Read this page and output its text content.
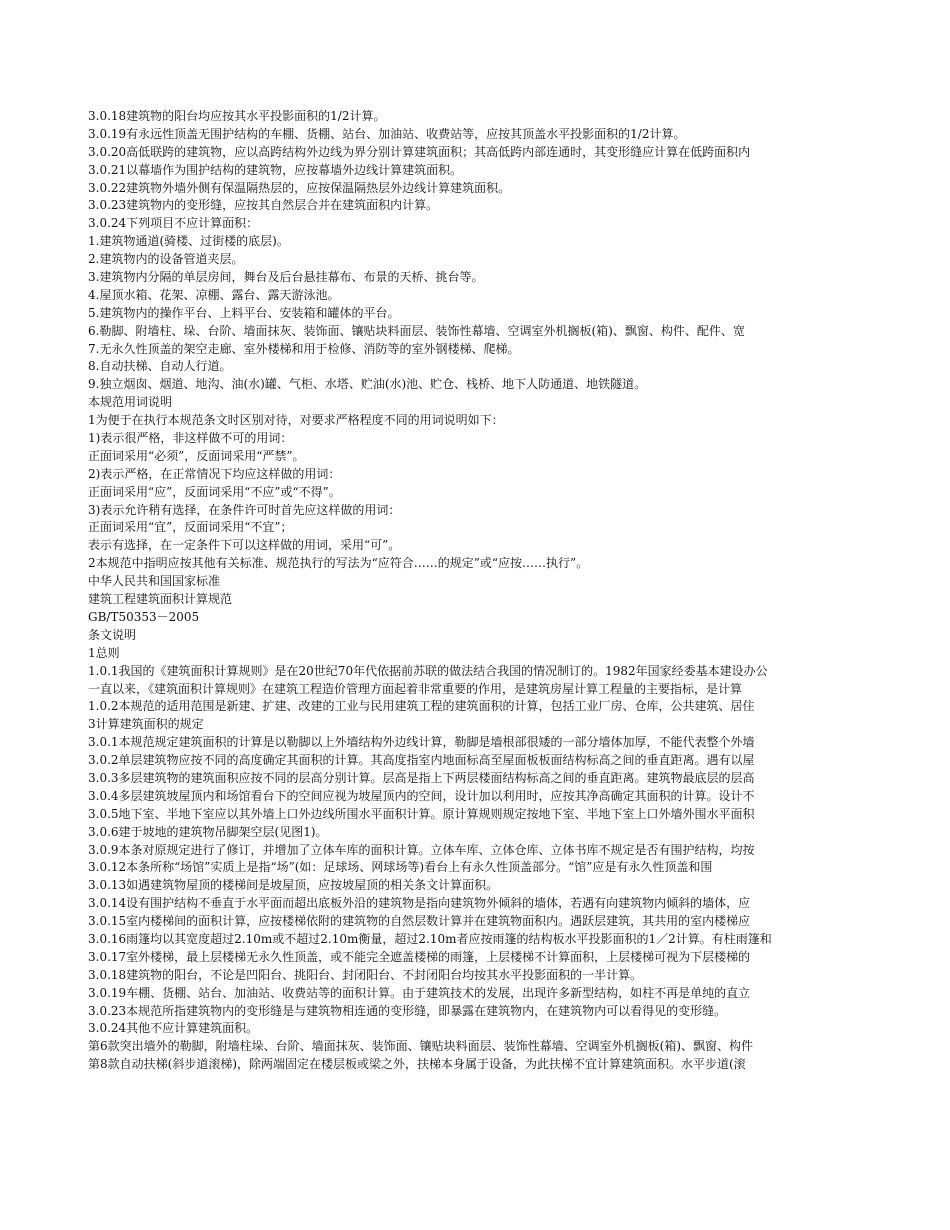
3.0.18建筑物的阳台均应按其水平投影面积的1/2计算。
3.0.19有永远性顶盖无围护结构的车棚、货棚、站台、加油站、收费站等，应按其顶盖水平投影面积的1/2计算。
3.0.20高低联跨的建筑物，应以高跨结构外边线为界分别计算建筑面积；其高低跨内部连通时，其变形缝应计算在低跨面积内
3.0.21以幕墙作为围护结构的建筑物，应按幕墙外边线计算建筑面积。
3.0.22建筑物外墙外侧有保温隔热层的，应按保温隔热层外边线计算建筑面积。
3.0.23建筑物内的变形缝，应按其自然层合并在建筑面积内计算。
3.0.24下列项目不应计算面积：
1.建筑物通道(骑楼、过街楼的底层)。
2.建筑物内的设备管道夹层。
3.建筑物内分隔的单层房间，舞台及后台悬挂幕布、布景的天桥、挑台等。
4.屋顶水箱、花架、凉棚、露台、露天游泳池。
5.建筑物内的操作平台、上料平台、安装箱和罐体的平台。
6.勒脚、附墙柱、垛、台阶、墙面抹灰、装饰面、镶贴块料面层、装饰性幕墙、空调室外机搁板(箱)、飘窗、构件、配件、宽
7.无永久性顶盖的架空走廊、室外楼梯和用于检修、消防等的室外钢楼梯、爬梯。
8.自动扶梯、自动人行道。
9.独立烟囱、烟道、地沟、油(水)罐、气柜、水塔、贮油(水)池、贮仓、栈桥、地下人防通道、地铁隧道。
本规范用词说明
1为便于在执行本规范条文时区别对待，对要求严格程度不同的用词说明如下：
1)表示很严格，非这样做不可的用词：
正面词采用“必须”，反面词采用“严禁”。
2)表示严格，在正常情况下均应这样做的用词：
正面词采用“应”，反面词采用“不应”或“不得”。
3)表示允许稍有选择，在条件许可时首先应这样做的用词：
正面词采用“宜”，反面词采用“不宜”；
表示有选择，在一定条件下可以这样做的用词，采用“可”。
2本规范中指明应按其他有关标准、规范执行的写法为“应符合……的规定”或“应按……执行”。
中华人民共和国国家标准
建筑工程建筑面积计算规范
GB/T50353－2005
条文说明
1总则
1.0.1我国的《建筑面积计算规则》是在20世纪70年代依据前苏联的做法结合我国的情况制订的。1982年国家经委基本建设办公
一直以来，《建筑面积计算规则》在建筑工程造价管理方面起着非常重要的作用，是建筑房屋计算工程量的主要指标，是计算
1.0.2本规范的适用范围是新建、扩建、改建的工业与民用建筑工程的建筑面积的计算，包括工业厂房、仓库，公共建筑、居住
3计算建筑面积的规定
3.0.1本规范规定建筑面积的计算是以勒脚以上外墙结构外边线计算，勒脚是墙根部很矮的一部分墙体加厚，不能代表整个外墙
3.0.2单层建筑物应按不同的高度确定其面积的计算。其高度指室内地面标高至屋面板板面结构标高之间的垂直距离。遇有以屋
3.0.3多层建筑物的建筑面积应按不同的层高分别计算。层高是指上下两层楼面结构标高之间的垂直距离。建筑物最底层的层高
3.0.4多层建筑坡屋顶内和场馆看台下的空间应视为坡屋顶内的空间，设计加以利用时，应按其净高确定其面积的计算。设计不
3.0.5地下室、半地下室应以其外墙上口外边线所围水平面积计算。原计算规则规定按地下室、半地下室上口外墙外围水平面积
3.0.6建于坡地的建筑物吊脚架空层(见图1)。
3.0.9本条对原规定进行了修订，并增加了立体车库的面积计算。立体车库、立体仓库、立体书库不规定是否有围护结构，均按
3.0.12本条所称“场馆”实质上是指“场”(如：足球场、网球场等)看台上有永久性顶盖部分。“馆”应是有永久性顶盖和围
3.0.13如遇建筑物屋顶的楼梯间是坡屋顶，应按坡屋顶的相关条文计算面积。
3.0.14设有围护结构不垂直于水平面而超出底板外沿的建筑物是指向建筑物外倾斜的墙体，若遇有向建筑物内倾斜的墙体，应
3.0.15室内楼梯间的面积计算，应按楼梯依附的建筑物的自然层数计算并在建筑物面积内。遇跃层建筑，其共用的室内楼梯应
3.0.16雨篷均以其宽度超过2.10m或不超过2.10m衡量，超过2.10m者应按雨篷的结构板水平投影面积的1／2计算。有柱雨篷和
3.0.17室外楼梯，最上层楼梯无永久性顶盖，或不能完全遮盖楼梯的雨篷，上层楼梯不计算面积，上层楼梯可视为下层楼梯的
3.0.18建筑物的阳台，不论是凹阳台、挑阳台、封闭阳台、不封闭阳台均按其水平投影面积的一半计算。
3.0.19车棚、货棚、站台、加油站、收费站等的面积计算。由于建筑技术的发展，出现许多新型结构，如柱不再是单纯的直立
3.0.23本规范所指建筑物内的变形缝是与建筑物相连通的变形缝，即暴露在建筑物内，在建筑物内可以看得见的变形缝。
3.0.24其他不应计算建筑面积。
第6款突出墙外的勒脚，附墙柱垛、台阶、墙面抹灰、装饰面、镶贴块料面层、装饰性幕墙、空调室外机搁板(箱)、飘窗、构件
第8款自动扶梯(斜步道滚梯)，除两端固定在楼层板或梁之外，扶梯本身属于设备，为此扶梯不宜计算建筑面积。水平步道(滚
